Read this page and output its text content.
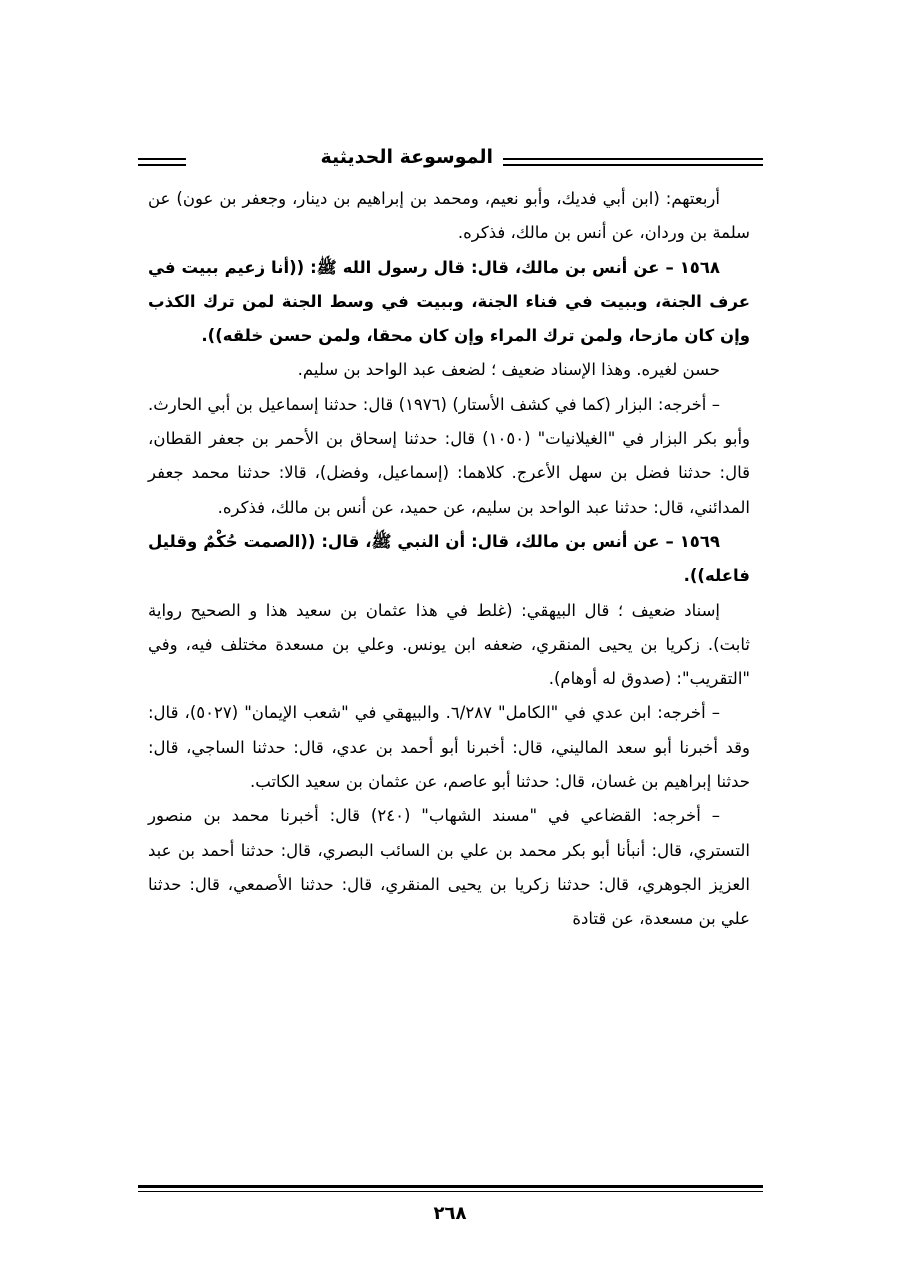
الموسوعة الحديثية

أربعتهم: (ابن أبي فديك، وأبو نعيم، ومحمد بن إبراهيم بن دينار، وجعفر بن عون) عن سلمة بن وردان، عن أنس بن مالك، فذكره.

١٥٦٨ – عن أنس بن مالك، قال: قال رسول الله ﷺ: ((أنا زعيم ببيت في عرف الجنة، وببيت في فناء الجنة، وببيت في وسط الجنة لمن ترك الكذب وإن كان مازحا، ولمن ترك المراء وإن كان محقا، ولمن حسن خلقه)).

حسن لغيره. وهذا الإسناد ضعيف ؛ لضعف عبد الواحد بن سليم.

– أخرجه: البزار (كما في كشف الأستار) (١٩٧٦) قال: حدثنا إسماعيل بن أبي الحارث. وأبو بكر البزار في "الغيلانيات" (١٠٥٠) قال: حدثنا إسحاق بن الأحمر بن جعفر القطان، قال: حدثنا فضل بن سهل الأعرج. كلاهما: (إسماعيل، وفضل)، قالا: حدثنا محمد جعفر المدائني، قال: حدثنا عبد الواحد بن سليم، عن حميد، عن أنس بن مالك، فذكره.

١٥٦٩ – عن أنس بن مالك، قال: أن النبي ﷺ، قال: ((الصمت حُكْمٌ وقليل فاعله)).

إسناد ضعيف ؛ قال البيهقي: (غلط في هذا عثمان بن سعيد هذا و الصحيح رواية ثابت). زكريا بن يحيى المنقري، ضعفه ابن يونس. وعلي بن مسعدة مختلف فيه، وفي "التقريب": (صدوق له أوهام).

– أخرجه: ابن عدي في "الكامل" ٦/٢٨٧. والبيهقي في "شعب الإيمان" (٥٠٢٧)، قال: وقد أخبرنا أبو سعد الماليني، قال: أخبرنا أبو أحمد بن عدي، قال: حدثنا الساجي، قال: حدثنا إبراهيم بن غسان، قال: حدثنا أبو عاصم، عن عثمان بن سعيد الكاتب.

– أخرجه: القضاعي في "مسند الشهاب" (٢٤٠) قال: أخبرنا محمد بن منصور التستري، قال: أنبأنا أبو بكر محمد بن علي بن السائب البصري، قال: حدثنا أحمد بن عبد العزيز الجوهري، قال: حدثنا زكريا بن يحيى المنقري، قال: حدثنا الأصمعي، قال: حدثنا علي بن مسعدة، عن قتادة

٢٦٨
